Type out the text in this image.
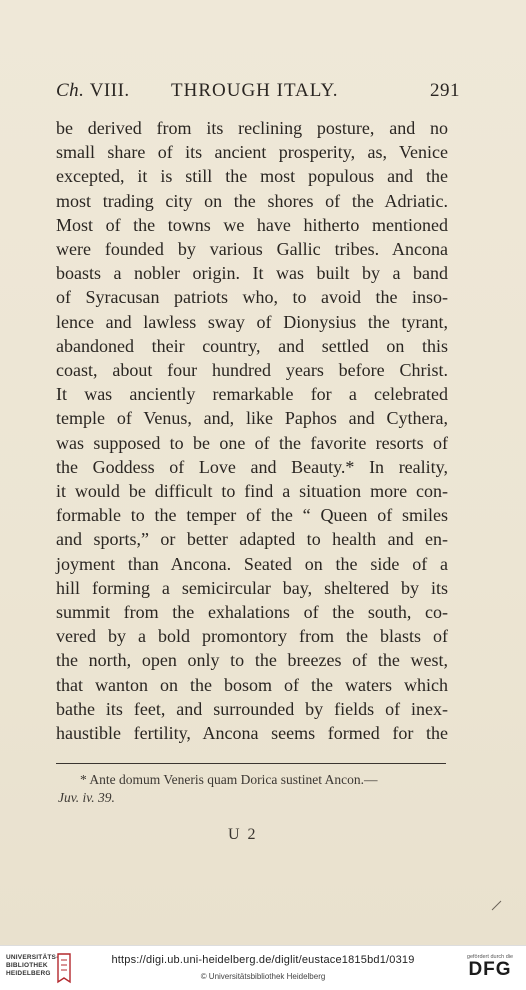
Ch. VIII. THROUGH ITALY.	291
be derived from its reclining posture, and no
small share of its ancient prosperity, as, Venice
excepted, it is still the most populous and the
most trading city on the shores of the Adriatic.
Most of the towns we have hitherto mentioned
were founded by various Gallic tribes. Ancona
boasts a nobler origin. It was built by a band
of Syracusan patriots who, to avoid the inso-
lence and lawless sway of Dionysius the tyrant,
abandoned their country, and settled on this
coast, about four hundred years before Christ.
It was anciently remarkable for a celebrated
temple of Venus, and, like Paphos and Cythera,
was supposed to be one of the favorite resorts of
the Goddess of Love and Beauty.* In reality,
it would be difficult to find a situation more con-
formable to the temper of the “ Queen of smiles
and sports,” or better adapted to health and en-
joyment than Ancona. Seated on the side of a
hill forming a semicircular bay, sheltered by its
summit from the exhalations of the south, co-
vered by a bold promontory from the blasts of
the north, open only to the breezes of the west,
that wanton on the bosom of the waters which
bathe its feet, and surrounded by fields of inex-
haustible fertility, Ancona seems formed for the
* Ante domum Veneris quam Dorica sustinet Ancon.—
Juv. iv. 39.
U 2
UNIVERSITÄTS-
BIBLIOTHEK
HEIDELBERG
https://digi.ub.uni-heidelberg.de/diglit/eustace1815bd1/0319
© Universitätsbibliothek Heidelberg
gefördert durch die
DFG
